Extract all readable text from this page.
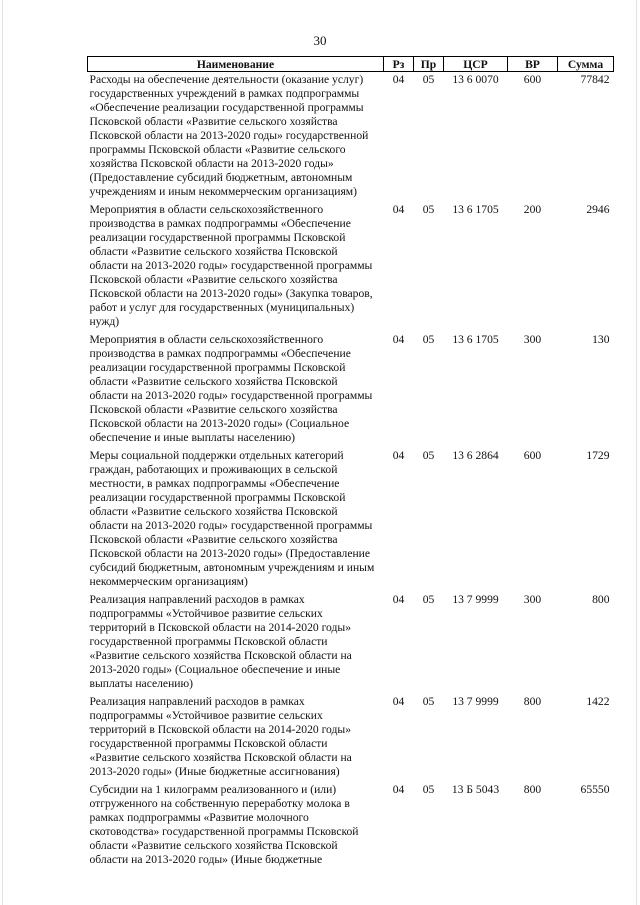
30
Наименование	Рз	Пр	ЦСР	ВР	Сумма
Расходы на обеспечение деятельности (оказание услуг) государственных учреждений в рамках подпрограммы «Обеспечение реализации государственной программы Псковской области «Развитие сельского хозяйства Псковской области на 2013-2020 годы» государственной программы Псковской области «Развитие сельского хозяйства Псковской области на 2013-2020 годы» (Предоставление субсидий бюджетным, автономным учреждениям и иным некоммерческим организациям)	04	05	13 6 0070	600	77842
Мероприятия в области сельскохозяйственного производства в рамках подпрограммы «Обеспечение реализации государственной программы Псковской области «Развитие сельского хозяйства Псковской области на 2013-2020 годы» государственной программы Псковской области «Развитие сельского хозяйства Псковской области на 2013-2020 годы» (Закупка товаров, работ и услуг для государственных (муниципальных) нужд)	04	05	13 6 1705	200	2946
Мероприятия в области сельскохозяйственного производства в рамках подпрограммы «Обеспечение реализации государственной программы Псковской области «Развитие сельского хозяйства Псковской области на 2013-2020 годы» государственной программы Псковской области «Развитие сельского хозяйства Псковской области на 2013-2020 годы» (Социальное обеспечение и иные выплаты населению)	04	05	13 6 1705	300	130
Меры социальной поддержки отдельных категорий граждан, работающих и проживающих в сельской местности, в рамках подпрограммы «Обеспечение реализации государственной программы Псковской области «Развитие сельского хозяйства Псковской области на 2013-2020 годы» государственной программы Псковской области «Развитие сельского хозяйства Псковской области на 2013-2020 годы» (Предоставление субсидий бюджетным, автономным учреждениям и иным некоммерческим организациям)	04	05	13 6 2864	600	1729
Реализация направлений расходов в рамках подпрограммы «Устойчивое развитие сельских территорий в Псковской области на 2014-2020 годы» государственной программы Псковской области «Развитие сельского хозяйства Псковской области на 2013-2020 годы» (Социальное обеспечение и иные выплаты населению)	04	05	13 7 9999	300	800
Реализация направлений расходов в рамках подпрограммы «Устойчивое развитие сельских территорий в Псковской области на 2014-2020 годы» государственной программы Псковской области «Развитие сельского хозяйства Псковской области на 2013-2020 годы» (Иные бюджетные ассигнования)	04	05	13 7 9999	800	1422
Субсидии на 1 килограмм реализованного и (или) отгруженного на собственную переработку молока в рамках подпрограммы «Развитие молочного скотоводства» государственной программы Псковской области «Развитие сельского хозяйства Псковской области на 2013-2020 годы» (Иные бюджетные	04	05	13 Б 5043	800	65550
